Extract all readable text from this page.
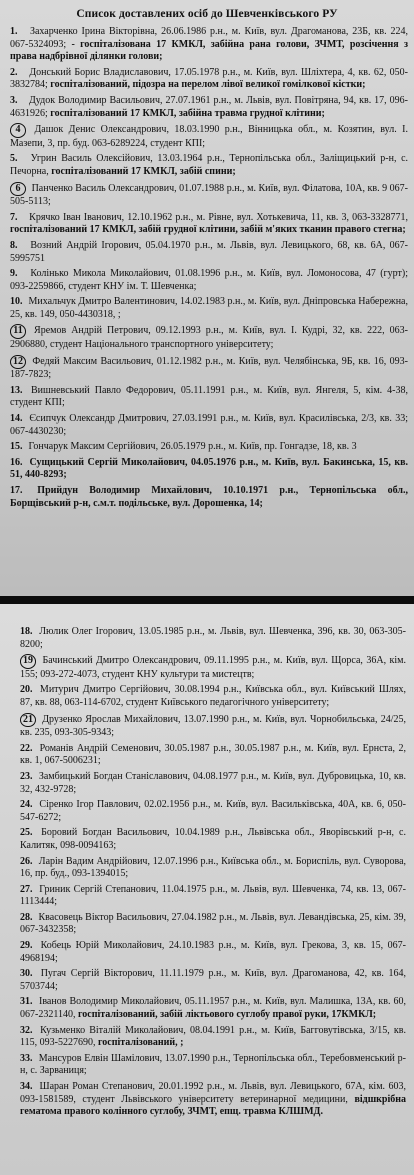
Список доставлених осіб до Шевченківського РУ

1. Захарченко Ірина Вікторівна, 26.06.1986 р.н., м. Київ, вул. Драгоманова, 23Б, кв. 224, 067-5324093; - госпіталізована 17 КМКЛ, забійна рана голови, ЗЧМТ, розсічення з права надбрівної ділянки голови;

2. Донський Борис Владиславович, 17.05.1978 р.н., м. Київ, вул. Шліхтера, 4, кв. 62, 050-3832784; госпіталізований, підозра на перелом лівої великої гомілкової кістки;

3. Дудок Володимир Васильович, 27.07.1961 р.н., м. Львів, вул. Повітряна, 94, кв. 17, 096-4631926; госпіталізований 17 КМКЛ, забійна травма грудної клітини;

4 Дашок Денис Олександрович, 18.03.1990 р.н., Вінницька обл., м. Козятин, вул. І. Мазепи, 3, пр. буд. 063-6289224, студент КПІ;

5. Угрин Василь Олексійович, 13.03.1964 р.н., Тернопільська обл., Заліщицький р-н, с. Печорна, госпіталізований 17 КМКЛ, забій спини;

6 Панченко Василь Олександрович, 01.07.1988 р.н., м. Київ, вул. Філатова, 10А, кв. 9 067-505-5113;

7. Крячко Іван Іванович, 12.10.1962 р.н., м. Рівне, вул. Хотькевича, 11, кв. 3, 063-3328771, госпіталізований 17 КМКЛ, забій грудної клітини, забій м'яких тканин правого стегна;

8. Возний Андрій Ігорович, 05.04.1970 р.н., м. Львів, вул. Левицького, 68, кв. 6А, 067-5995751

9. Колінько Микола Миколайович, 01.08.1996 р.н., м. Київ, вул. Ломоносова, 47 (гурт); 093-2259866, студент КНУ ім. Т. Шевченка;

10. Михальчук Дмитро Валентинович, 14.02.1983 р.н., м. Київ, вул. Дніпровська Набережна, 25, кв. 149, 050-4430318, ;

11 Яремов Андрій Петрович, 09.12.1993 р.н., м. Київ, вул. І. Кудрі, 32, кв. 222, 063-2906880, студент Національного транспортного університету;

12 Федяй Максим Васильович, 01.12.1982 р.н., м. Київ, вул. Челябінська, 9Б, кв. 16, 093-187-7823;

13. Вишневський Павло Федорович, 05.11.1991 р.н., м. Київ, вул. Янгеля, 5, кім. 4-38, студент КПІ;

14. Єсипчук Олександр Дмитрович, 27.03.1991 р.н., м. Київ, вул. Красилівська, 2/3, кв. 33; 067-4430230;

15. Гончарук Максим Сергійович, 26.05.1979 р.н., м. Київ, пр. Гонгадзе, 18, кв. 3

16. Сущицький Сергій Миколайович, 04.05.1976 р.н., м. Київ, вул. Бакинська, 15, кв. 51, 440-8293;

17. Прийдун Володимир Михайлович, 10.10.1971 р.н., Тернопільська обл., Борщівський р-н, с.м.т. подільське, вул. Дорошенка, 14;

18. Люлик Олег Ігорович, 13.05.1985 р.н., м. Львів, вул. Шевченка, 396, кв. 30, 063-305-8200;

19 Бачинський Дмитро Олександрович, 09.11.1995 р.н., м. Київ, вул. Щорса, 36А, кім. 155; 093-272-4073, студент КНУ культури та мистецтв;

20. Митурич Дмитро Сергійович, 30.08.1994 р.н., Київська обл., вул. Київський Шлях, 87, кв. 88, 063-114-6702, студент Київського педагогічного університету;

21 Друзенко Ярослав Михайлович, 13.07.1990 р.н., м. Київ, вул. Чорнобильська, 24/25, кв. 235, 093-305-9343;

22. Романів Андрій Семенович, 30.05.1987 р.н., 30.05.1987 р.н., м. Київ, вул. Ернста, 2, кв. 1, 067-5006231;

23. Замбицький Богдан Станіславович, 04.08.1977 р.н., м. Київ, вул. Дубровицька, 10, кв. 32, 432-9728;

24. Сіренко Ігор Павлович, 02.02.1956 р.н., м. Київ, вул. Васильківська, 40А, кв. 6, 050-547-6272;

25. Боровий Богдан Васильович, 10.04.1989 р.н., Львівська обл., Яворівський р-н, с. Калитяк, 098-0094163;

26. Ларін Вадим Андрійович, 12.07.1996 р.н., Київська обл., м. Бориспіль, вул. Суворова, 16, пр. буд., 093-1394015;

27. Гриник Сергій Степанович, 11.04.1975 р.н., м. Львів, вул. Шевченка, 74, кв. 13, 067-1113444;

28. Квасовець Віктор Васильович, 27.04.1982 р.н., м. Львів, вул. Левандівська, 25, кім. 39, 067-3432358;

29. Кобець Юрій Миколайович, 24.10.1983 р.н., м. Київ, вул. Грекова, 3, кв. 15, 067-4968194;

30. Пугач Сергій Вікторович, 11.11.1979 р.н., м. Київ, вул. Драгоманова, 42, кв. 164, 5703744;

31. Іванов Володимир Миколайович, 05.11.1957 р.н., м. Київ, вул. Малишка, 13А, кв. 60, 067-2321140, госпіталізований, забій ліктьового суглобу правої руки, 17КМКЛ;

32. Кузьменко Віталій Миколайович, 08.04.1991 р.н., м. Київ, Багговутівська, 3/15, кв. 115, 093-5227690, госпіталізований, ;

33. Мансуров Елвін Шамілович, 13.07.1990 р.н., Тернопільська обл., Теребовменський р-н, с. Зарваниця;

34. Шаран Роман Степанович, 20.01.1992 р.н., м. Львів, вул. Левицького, 67А, кім. 603, 093-1581589, студент Львівського університету ветеринарної медицини, відшкрібна гематома правого колінного суглобу, ЗЧМТ, епщ. травма КЛШМД.
